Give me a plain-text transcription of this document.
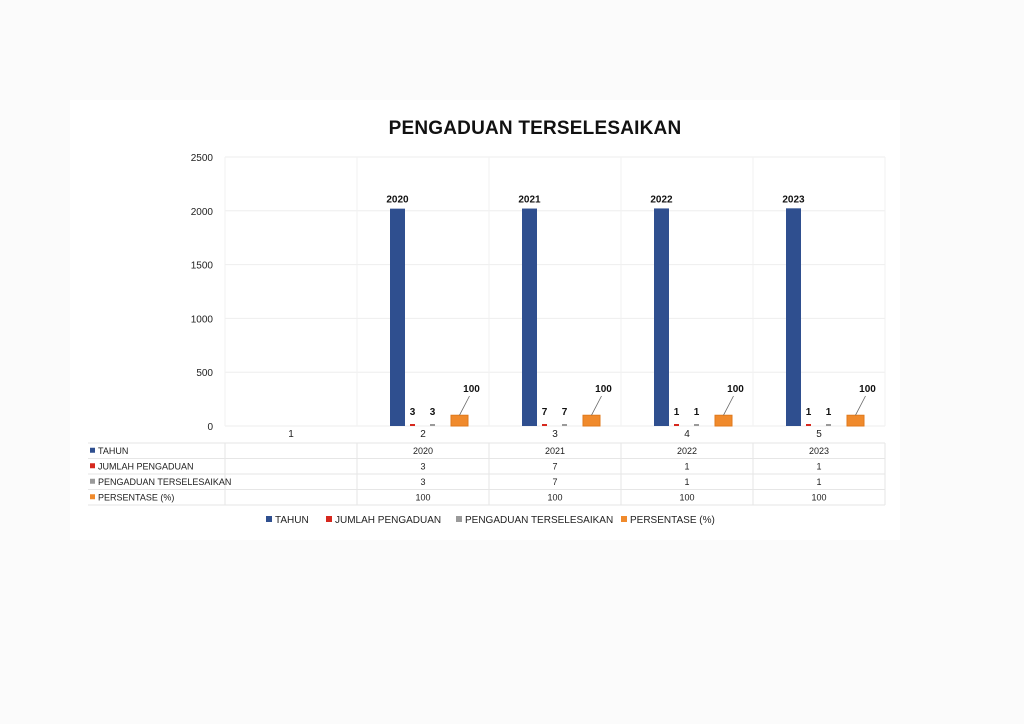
PENGADUAN TERSELESAIKAN
0
500
1000
1500
2000
2500
2020	2021	2022	2023
3	7	1	1
3	7	1	1
100	100	100	100
1	2	3	4	5
TAHUN	2020	2021	2022	2023
JUMLAH PENGADUAN	3	7	1	1
PENGADUAN TERSELESAIKAN	3	7	1	1
PERSENTASE (%)	100	100	100	100
TAHUN	JUMLAH PENGADUAN PENGADUAN TERSELESAIKAN PERSENTASE (%)
